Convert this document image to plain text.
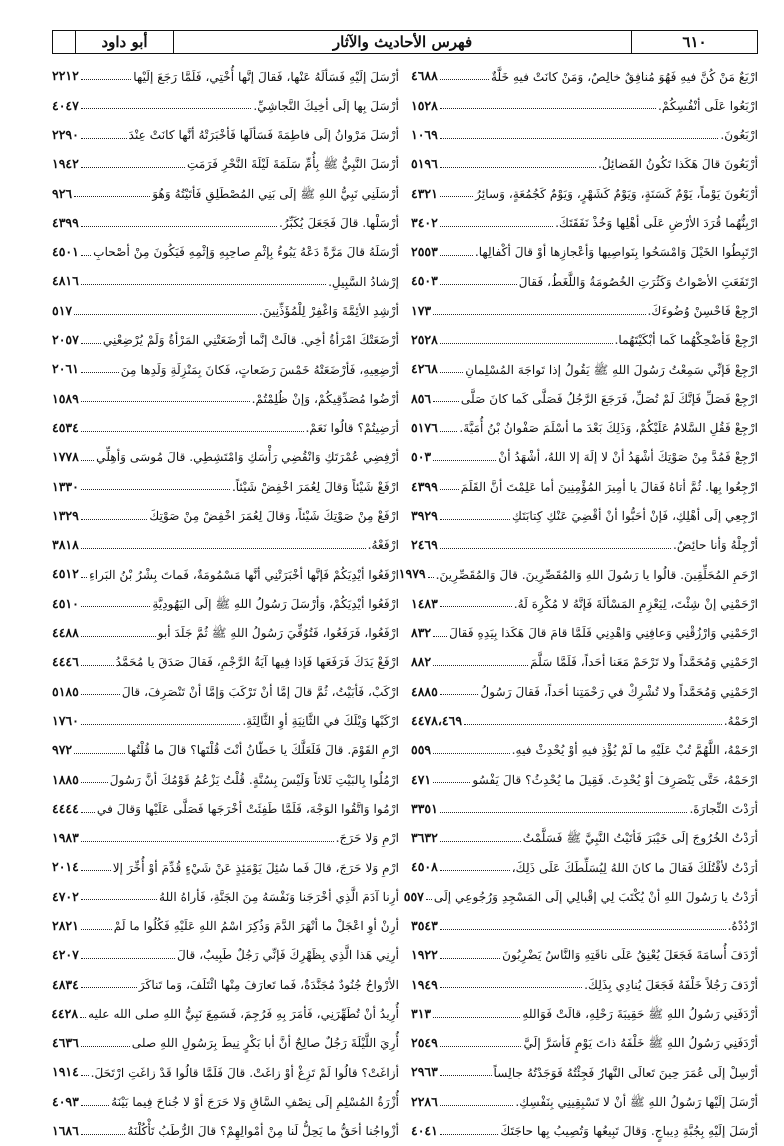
٦١٠
فهرس الأحاديث والآثار
أبو داود
ارْبَعٌ مَنْ كُنَّ فيهِ فَهُوَ مُنافِقٌ خالِصٌ، وَمَنْ كانَتْ فيهِ خَلَّةٌ
٤٦٨٨
ارْبَعُوا عَلَى أنْفُسِكُمْ.
١٥٢٨
ارْبَعُونَ.
١٠٦٩
أرْبَعُونَ قالَ هَكَذا تَكُونُ الفَضائِلُ.
٥١٩٦
أرْبَعُونَ يَوْماً، يَوْمٌ كَسَنَةٍ، وَيَوْمٌ كَشَهْرٍ، وَيَوْمٌ كَجُمُعَةٍ، وَسائِرُ
٤٣٢١
ارْبِنُّهُما قُرَدَ الأرْضِ عَلَى أهْلِها وَخُذْ نَفَقَتَكَ.
٣٤٠٢
ارْتَبِطُوا الخَيْلَ وَامْسَحُوا بِنَواصِيها وَأعْجازِها أوْ قالَ أكْفالِها.
٢٥٥٣
ارْتَفَعَتِ الأصْواتُ وَكَثُرَتِ الخُصُومَةُ وَاللَّغَطُ، فَقالَ
٤٥٠٣
ارْجِعْ فَاحْسِنْ وُضُوءَكَ.
١٧٣
ارْجِعْ فَأضْحِكْهُما كَما أبْكَيْتَهُما.
٢٥٢٨
ارْجِعْ فَإنِّي سَمِعْتُ رَسُولَ اللهِ ﷺ يَقُولُ إذا تَواجَهَ المُسْلِمانِ
٤٢٦٨
ارْجِعْ فَصَلِّ فَإنَّكَ لَمْ تُصَلِّ، فَرَجَعَ الرَّجُلُ فَصَلَّى كَما كانَ صَلَّى
٨٥٦
ارْجِعْ فَقُلِ السَّلامُ عَلَيْكُمْ، وَذَلِكَ بَعْدَ ما أسْلَمَ صَفْوانُ بْنُ أُمَيَّةَ.
٥١٧٦
ارْجِعْ فَمُدَّ مِنْ صَوْتِكَ أشْهَدُ أنْ لا إلَهَ إلا اللهُ، أشْهَدُ أنْ
٥٠٣
ارْجِعُوا بِها. ثُمَّ أتاهُ فَقالَ يا أمِيرَ المُؤْمِنِينَ أما عَلِمْتَ أنَّ القَلَمَ
٤٣٩٩
ارْجِعِي إلَى أهْلِكِ، فَإنْ أحَبُّوا أنْ أقْضِيَ عَنْكِ كِتابَتَكِ
٣٩٢٩
أرْجِلْهُ وَأنا حائِضٌ.
٢٤٦٩
ارْحَمِ المُحَلِّقِينَ. قالُوا يا رَسُولَ اللهِ وَالمُقَصِّرِينَ. قالَ وَالمُقَصِّرِينَ.
١٩٧٩
ارْحَمْنِي إنْ شِئْتَ، لِيَعْزِمِ المَسْألَةَ فَإنَّهُ لا مُكْرِهَ لَهُ.
١٤٨٣
ارْحَمْنِي وَارْزُقْنِي وَعافِنِي وَاهْدِنِي فَلَمَّا قامَ قالَ هَكَذا بِيَدِهِ فَقالَ
٨٣٢
ارْحَمْنِي وَمُحَمَّداً ولا تَرْحَمْ مَعَنا أحَداً، فَلَمَّا سَلَّمَ
٨٨٢
ارْحَمْنِي وَمُحَمَّداً ولا تُشْرِكْ في رَحْمَتِنا أحَداً، فَقالَ رَسُولُ
٤٨٨٥
ارْحَمْهُ.
٤٤٧٨،٤٦٩
ارْحَمْهُ، اللَّهُمَّ تُبْ عَلَيْهِ ما لَمْ يُؤْذِ فيهِ أوْ يُحْدِثْ فيهِ.
٥٥٩
ارْحَمْهُ، حَتَّى يَنْصَرِفَ أوْ يُحْدِثَ. فَقِيلَ ما يُحْدِثُ؟ قالَ يَفْسُو
٤٧١
أرَدْتَ التِّجارَةَ.
٣٣٥١
أرَدْتُ الخُرُوجَ إلَى خَيْبَرَ فَأتَيْتُ النَّبِيَّ ﷺ فَسَلَّمْتُ
٣٦٣٢
أرَدْتُ لأقْتُلَكَ فَقالَ ما كانَ اللهُ لِيُسَلِّطَكَ عَلَى ذَلِكَ،
٤٥٠٨
أرَدْتُ يا رَسُولَ اللهِ أنْ يُكْتَبَ لِي إقْبالِي إلَى المَسْجِدِ وَرُجُوعِي إلَى
٥٥٧
ارْدُدْهُ.
٣٥٤٣
أرْدَفَ أُسامَةَ فَجَعَلَ يُعْنِقُ عَلَى ناقَتِهِ وَالنَّاسُ يَضْرِبُونَ
١٩٢٢
أرْدَفَ رَجُلاً خَلْفَهُ فَجَعَلَ يُنادِي بِذَلِكَ.
١٩٤٩
أرْدَفَنِي رَسُولُ اللهِ ﷺ حَقِيبَةَ رَحْلِهِ، قالَتْ فَوَاللهِ
٣١٣
أرْدَفَنِي رَسُولُ اللهِ ﷺ خَلْفَهُ ذاتَ يَوْمٍ فَأسَرَّ إلَيَّ
٢٥٤٩
أرْسِلْ إلَى عُمَرَ حِينَ تَعالَى النَّهارُ فَجِئْتُهُ فَوَجَدْتُهُ جالِساً
٢٩٦٣
أرْسَلَ إلَيْها رَسُولُ اللهِ ﷺ أنْ لا تَسْبِقِينِي بِنَفْسِكِ.
٢٢٨٦
أرْسَلَ إلَيْهِ بِجُبَّةِ دِيباجٍ. وَقالَ تَبِيعُها وَتُصِيبُ بِها حاجَتَكَ
٤٠٤١
أرْسَلَ إلَيْهِ فَسَألَهُ عَنْها، فَقالَ إنَّها أُخْتِي، فَلَمَّا رَجَعَ إلَيْها
٢٢١٢
أرْسَلَ بِها إلَى أخِيكَ النَّجاشِيِّ.
٤٠٤٧
أرْسَلَ مَرْوانُ إلَى فاطِمَةَ فَسَألَها فَأخْبَرَتْهُ أنَّها كانَتْ عِنْدَ
٢٢٩٠
أرْسَلَ النَّبِيُّ ﷺ بِأُمِّ سَلَمَةَ لَيْلَةَ النَّحْرِ فَرَمَتِ
١٩٤٢
أرْسَلَنِي نَبِيُّ اللهِ ﷺ إلَى بَنِي المُصْطَلِقِ فَأتَيْتُهُ وَهُوَ
٩٢٦
أرْسَلْها. قالَ فَجَعَلَ يُكَبِّرُ.
٤٣٩٩
أرْسَلَهُ قالَ مَرَّةً دَعْهُ يَبُوءُ بِإثْمِ صاحِبِهِ وَإثْمِهِ فَيَكُونَ مِنْ أصْحابِ
٤٥٠١
إرْشادُ السَّبِيلِ.
٤٨١٦
أرْشِدِ الأئِمَّةَ وَاغْفِرْ لِلْمُؤَذِّنِينَ.
٥١٧
أرْضَعَتْكَ امْرَأةُ أخِي. قالَتْ إنَّما أرْضَعَتْنِي المَرْأةُ وَلَمْ يُرْضِعْنِي
٢٠٥٧
أرْضِعِيهِ، فَأرْضَعَتْهُ خَمْسَ رَضَعاتٍ، فَكانَ بِمَنْزِلَةِ وَلَدِها مِنَ
٢٠٦١
أرْضُوا مُصَدِّقِيكُمْ، وَإنْ ظُلِمْتُمْ.
١٥٨٩
أرَضِيتُمْ؟ قالُوا نَعَمْ.
٤٥٣٤
أرْفِضِي عُمْرَتَكِ وَانْقُضِي رَأْسَكِ وَامْتَشِطِي. قالَ مُوسَى وَأهِلِّي
١٧٧٨
ارْفَعْ شَيْئاً وَقالَ لِعُمَرَ اخْفِضْ شَيْئاً.
١٣٣٠
ارْفَعْ مِنْ صَوْتِكَ شَيْئاً، وَقالَ لِعُمَرَ اخْفِضْ مِنْ صَوْتِكَ
١٣٢٩
ارْفَعْهُ.
٣٨١٨
ارْفَعُوا أيْدِيَكُمْ فَإنَّها أخْبَرَتْنِي أنَّها مَسْمُومَةٌ، فَماتَ بِشْرُ بْنُ البَراءِ
٤٥١٢
ارْفَعُوا أيْدِيَكُمْ، وَأرْسَلَ رَسُولُ اللهِ ﷺ إلَى اليَهُودِيَّةِ
٤٥١٠
ارْفَعُوا، فَرَفَعُوا، فَتُوُفِّيَ رَسُولُ اللهِ ﷺ ثُمَّ جَلَدَ أبو
٤٤٨٨
ارْفَعْ يَدَكَ فَرَفَعَها فَإذا فِيها آيَةُ الرَّجْمِ، فَقالَ صَدَقَ يا مُحَمَّدُ
٤٤٤٦
ارْكَبْ، فَأبَيْتُ، ثُمَّ قالَ إمَّا أنْ تَرْكَبَ وَإمَّا أنْ تَنْصَرِفَ، قالَ
٥١٨٥
ارْكَبْها وَيْلَكَ في الثَّانِيَةِ أوِ الثَّالِثَةِ.
١٧٦٠
ارْمِ القَوْمَ. قالَ فَلَعَلَّكَ يا حَطّانُ أنْتَ قُلْتَها؟ قالَ ما قُلْتُها
٩٧٢
ارْمُلُوا بِالبَيْتِ ثَلاثاً وَلَيْسَ بِسُنَّةٍ. قُلْتُ يَزْعُمُ قَوْمُكَ أنَّ رَسُولَ
١٨٨٥
ارْمُوا وَاتَّقُوا الوَجْهَ، فَلَمَّا طَفِئَتْ أخْرَجَها فَصَلَّى عَلَيْها وَقالَ في
٤٤٤٤
ارْمِ وَلا حَرَجَ.
١٩٨٣
ارْمِ وَلا حَرَجَ، قالَ فَما سُئِلَ يَوْمَئِذٍ عَنْ شَيْءٍ قُدِّمَ أوْ أُخِّرَ إلا
٢٠١٤
أرِنا آدَمَ الَّذِي أخْرَجَنا وَنَفْسَهُ مِنَ الجَنَّةِ، فَأراهُ اللهُ
٤٧٠٢
أرِنْ أوِ اعْجَلْ ما أنْهَرَ الدَّمَ وَذُكِرَ اسْمُ اللهِ عَلَيْهِ فَكُلُوا ما لَمْ
٢٨٢١
أرِنِي هَذا الَّذِي بِظَهْرِكَ فَإنِّي رَجُلٌ طَبِيبٌ، قالَ
٤٢٠٧
الأرْواحُ جُنُودٌ مُجَنَّدَةٌ، فَما تَعارَفَ مِنْها ائْتَلَفَ، وَما تَناكَرَ
٤٨٣٤
أُرِيدُ أنْ تُطَهِّرَنِي، فَأمَرَ بِهِ فَرُجِمَ، فَسَمِعَ نَبِيُّ اللهِ صلى الله عليه
٤٤٢٨
أُرِيَ اللَّيْلَةَ رَجُلٌ صالِحٌ أنَّ أبا بَكْرٍ نِيطَ بِرَسُولِ اللهِ صلى
٤٦٣٦
أزاغَتْ؟ قالُوا لَمْ تَزِغْ أوْ زاغَتْ. قالَ فَلَمَّا قالُوا قَدْ زاغَتِ ارْتَحَلَ.
١٩١٤
أُزْرَةُ المُسْلِمِ إلَى نِصْفِ السَّاقِ وَلا حَرَجَ أوْ لا جُناحَ فِيما بَيْنَهُ
٤٠٩٣
أزْواجُنا أحَقُّ ما يَحِلُّ لَنا مِنْ أمْوالِهِمْ؟ قالَ الرُّطَبُ تَأْكُلْنَهُ
١٦٨٦
